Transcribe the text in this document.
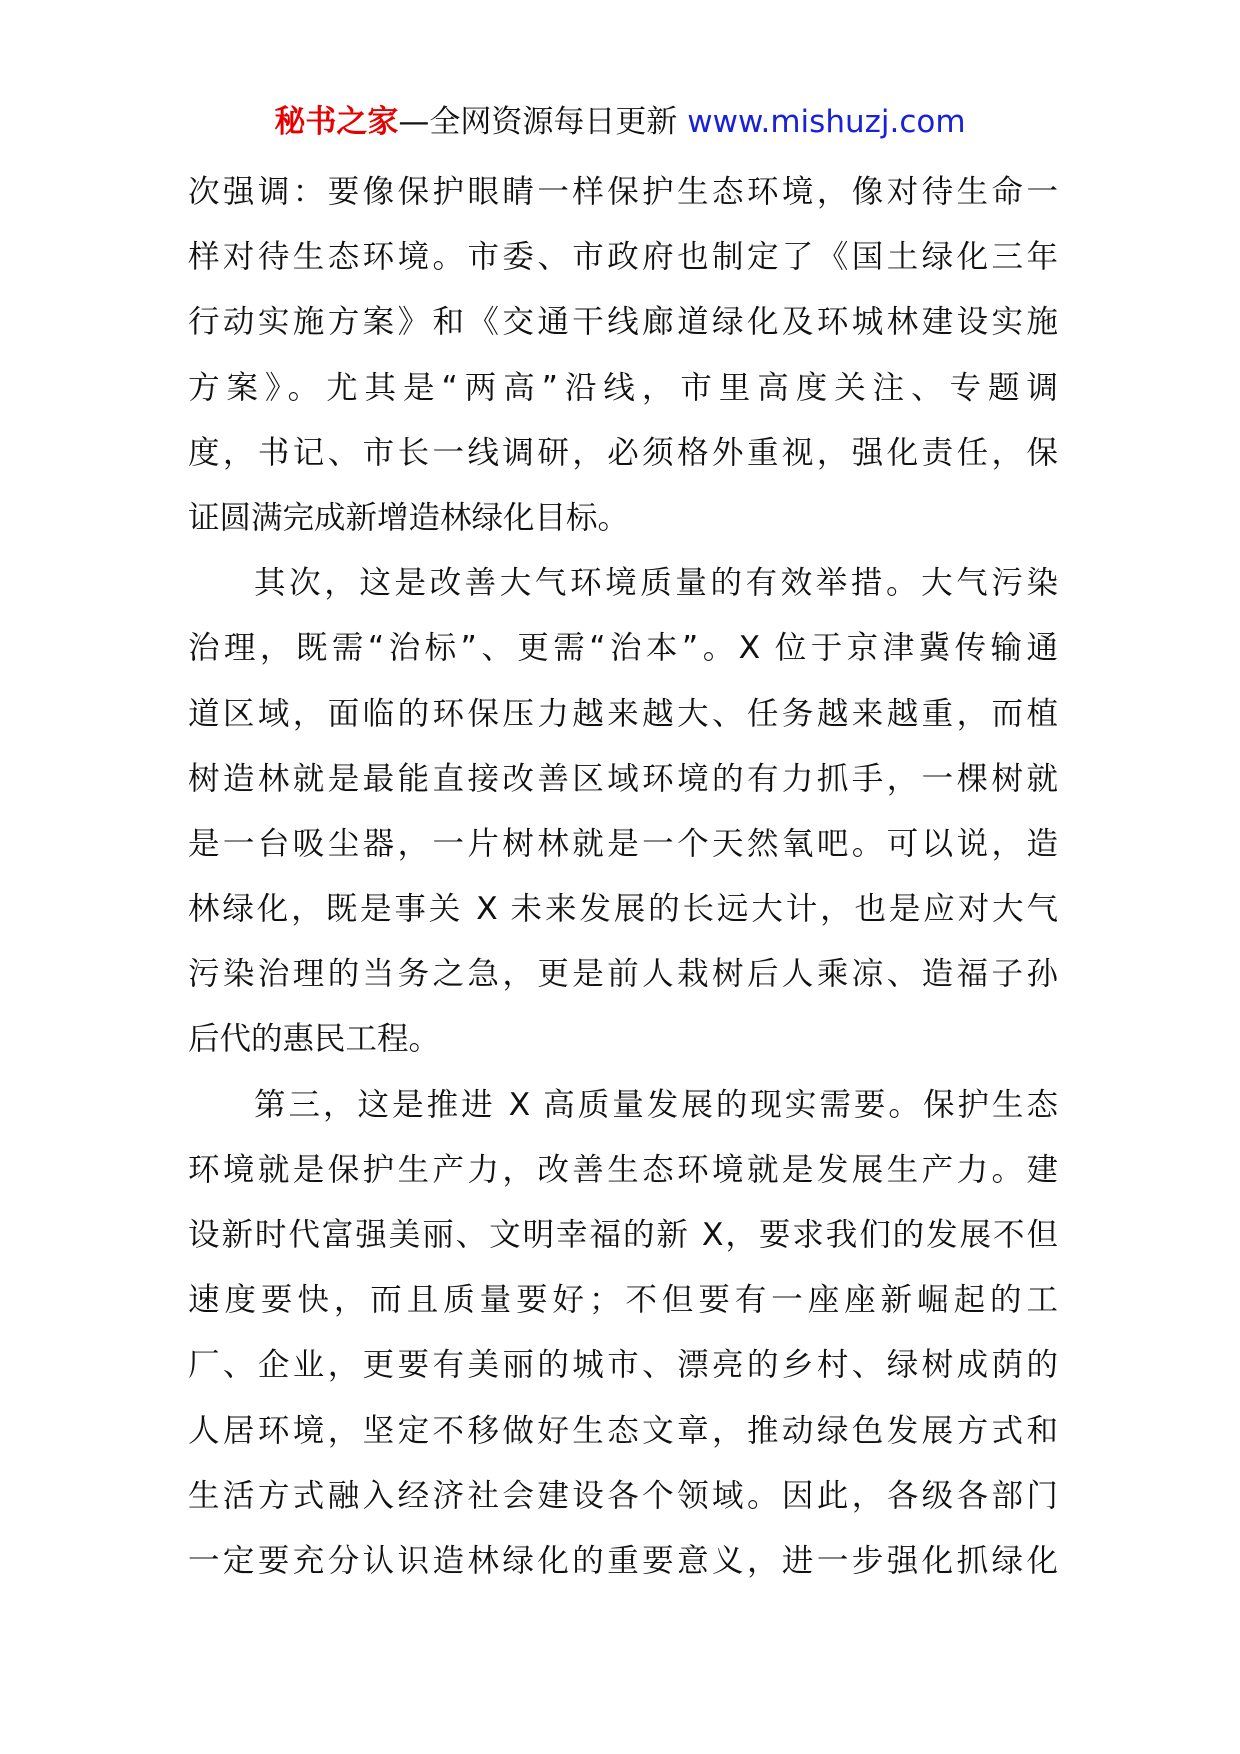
秘书之家—全网资源每日更新 www.mishuzj.com
次强调：要像保护眼睛一样保护生态环境，像对待生命一
样对待生态环境。市委、市政府也制定了《国土绿化三年
行动实施方案》和《交通干线廊道绿化及环城林建设实施
方案》。尤其是“两高”沿线，市里高度关注、专题调
度，书记、市长一线调研，必须格外重视，强化责任，保
证圆满完成新增造林绿化目标。
其次，这是改善大气环境质量的有效举措。大气污染
治理，既需“治标”、更需“治本”。X 位于京津冀传输通
道区域，面临的环保压力越来越大、任务越来越重，而植
树造林就是最能直接改善区域环境的有力抓手，一棵树就
是一台吸尘器，一片树林就是一个天然氧吧。可以说，造
林绿化，既是事关 X 未来发展的长远大计，也是应对大气
污染治理的当务之急，更是前人栽树后人乘凉、造福子孙
后代的惠民工程。
第三，这是推进 X 高质量发展的现实需要。保护生态
环境就是保护生产力，改善生态环境就是发展生产力。建
设新时代富强美丽、文明幸福的新 X，要求我们的发展不但
速度要快，而且质量要好；不但要有一座座新崛起的工
厂、企业，更要有美丽的城市、漂亮的乡村、绿树成荫的
人居环境，坚定不移做好生态文章，推动绿色发展方式和
生活方式融入经济社会建设各个领域。因此，各级各部门
一定要充分认识造林绿化的重要意义，进一步强化抓绿化
